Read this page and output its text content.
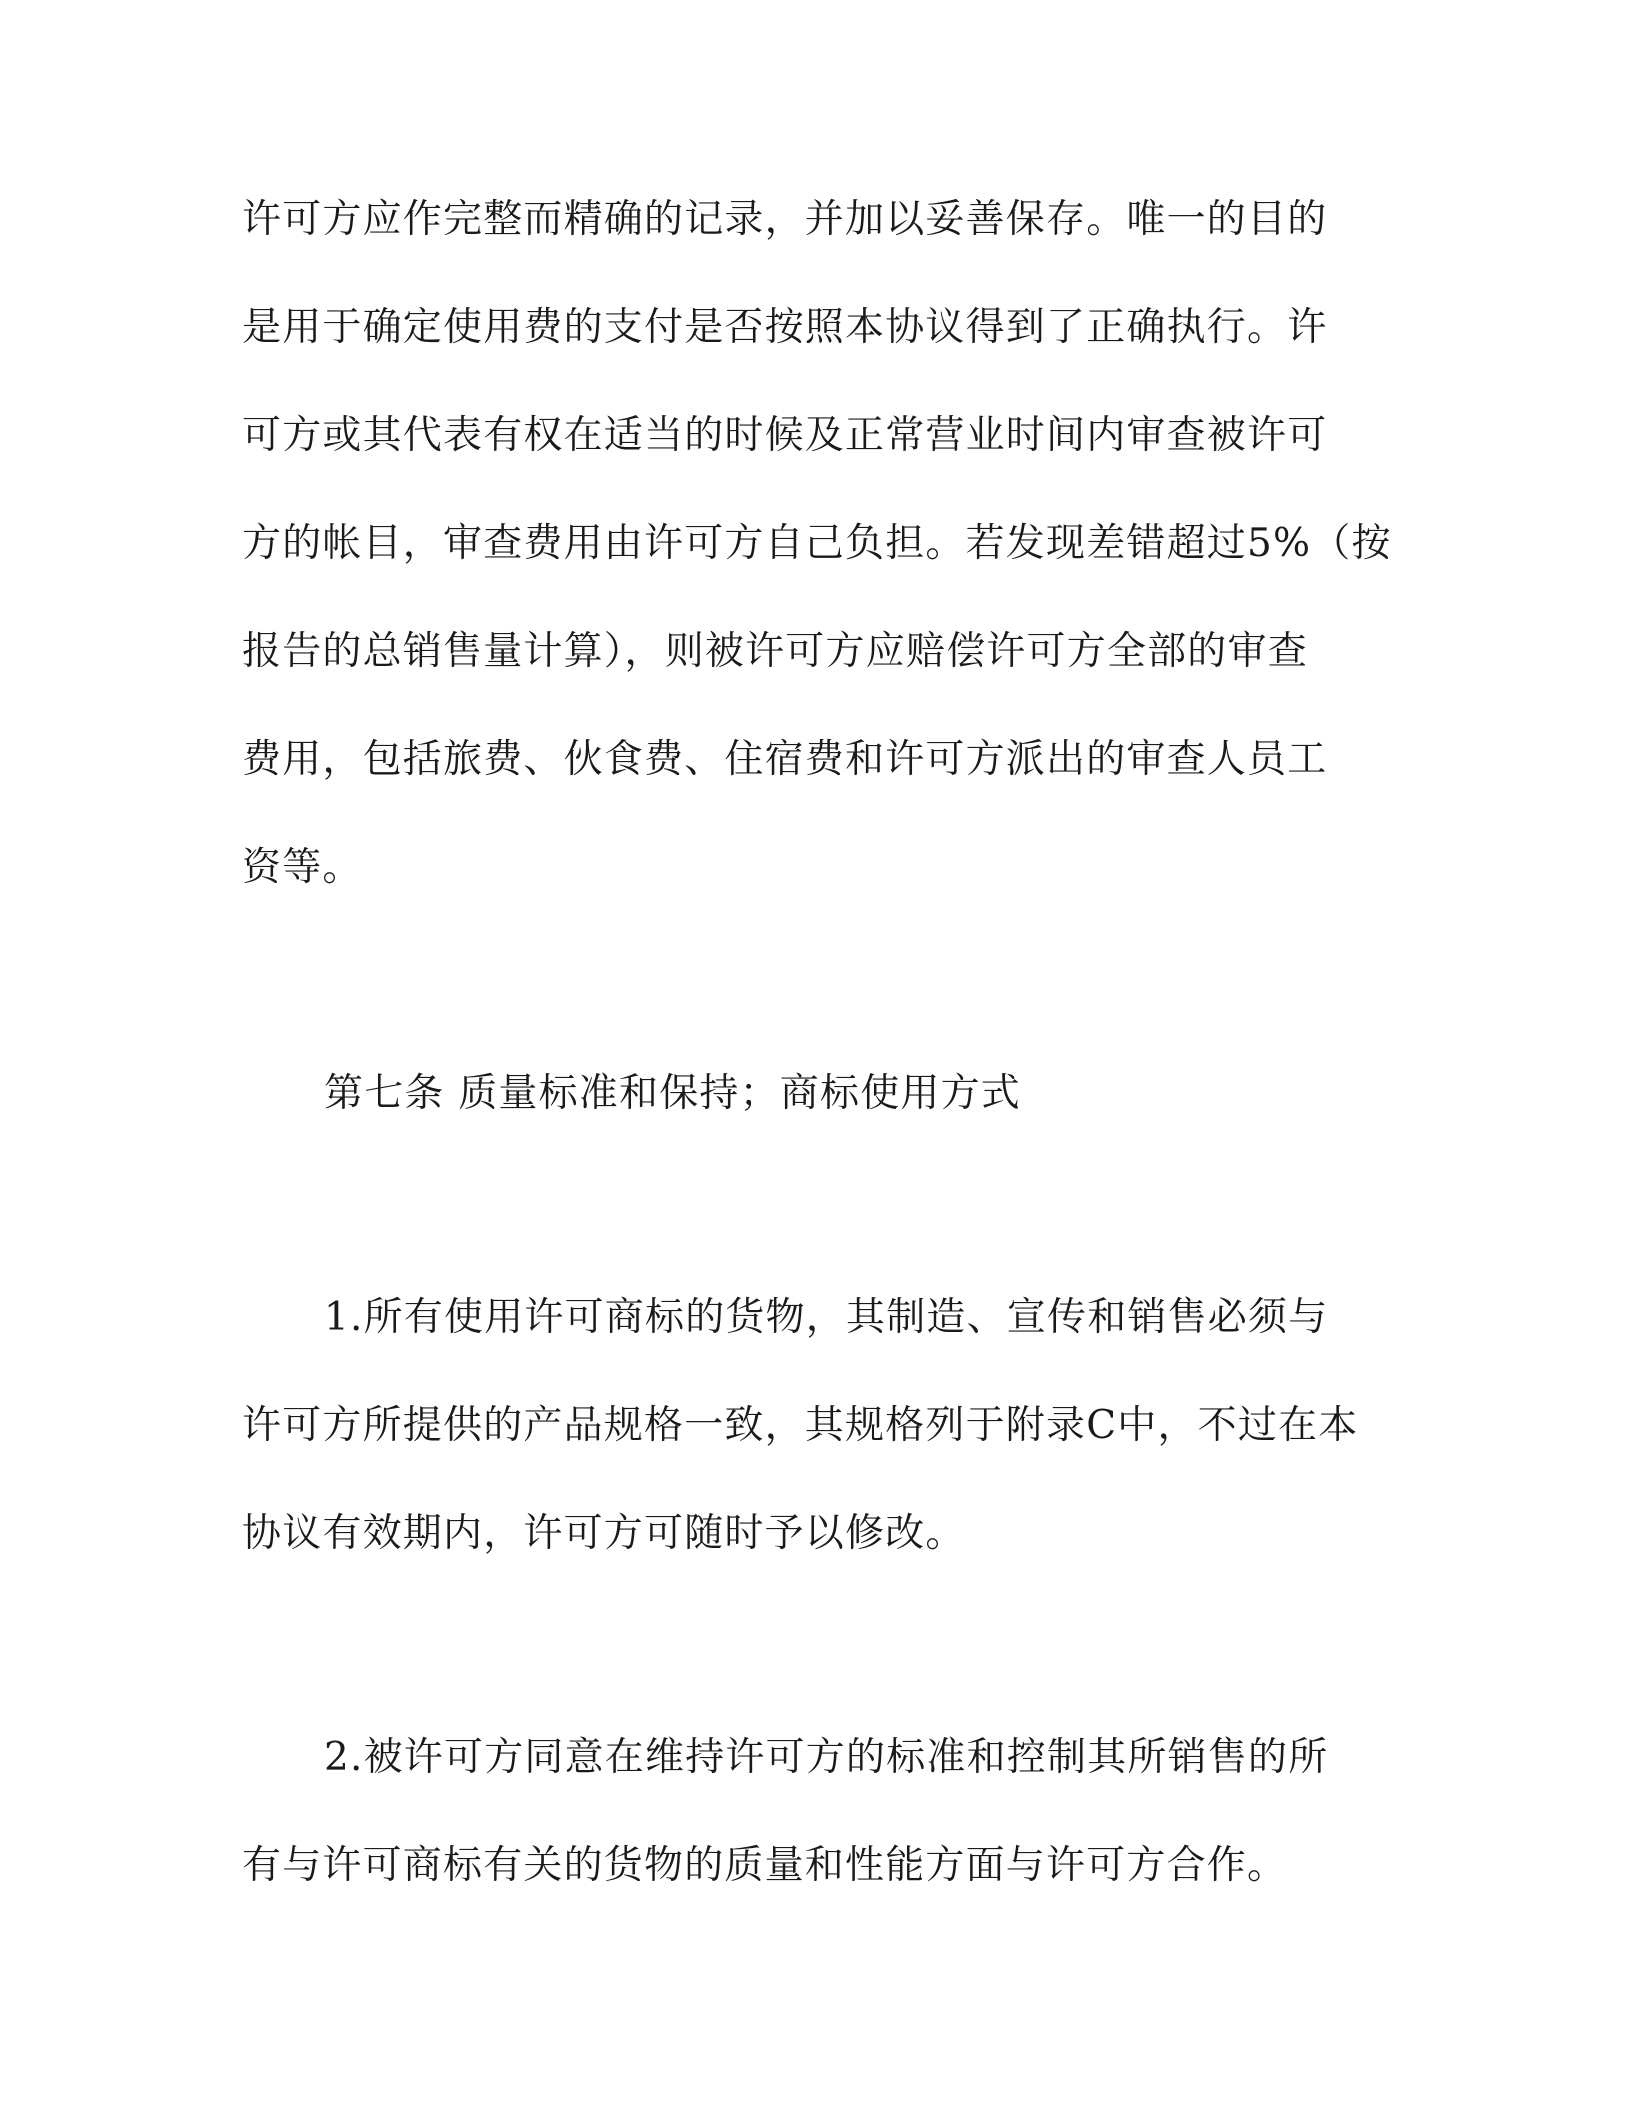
许可方应作完整而精确的记录，并加以妥善保存。唯一的目的
是用于确定使用费的支付是否按照本协议得到了正确执行。许
可方或其代表有权在适当的时候及正常营业时间内审查被许可
方的帐目，审查费用由许可方自己负担。若发现差错超过5%（按
报告的总销售量计算），则被许可方应赔偿许可方全部的审查
费用，包括旅费、伙食费、住宿费和许可方派出的审查人员工
资等。
第七条 质量标准和保持；商标使用方式
1.所有使用许可商标的货物，其制造、宣传和销售必须与
许可方所提供的产品规格一致，其规格列于附录C中，不过在本
协议有效期内，许可方可随时予以修改。
2.被许可方同意在维持许可方的标准和控制其所销售的所
有与许可商标有关的货物的质量和性能方面与许可方合作。
